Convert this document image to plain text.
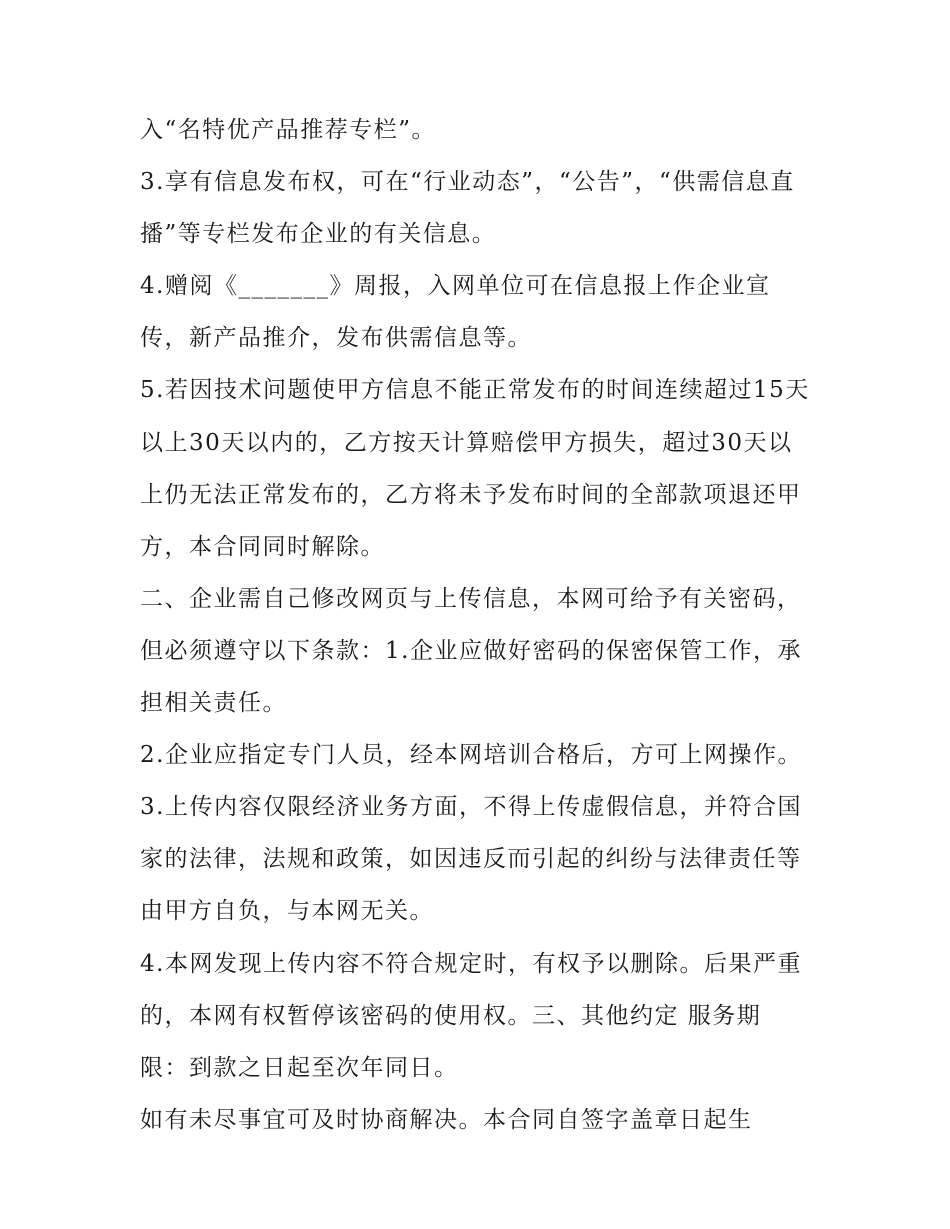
入“名特优产品推荐专栏”。
3.享有信息发布权，可在“行业动态”，“公告”，“供需信息直
播”等专栏发布企业的有关信息。
4.赠阅《_______》周报，入网单位可在信息报上作企业宣
传，新产品推介，发布供需信息等。
5.若因技术问题使甲方信息不能正常发布的时间连续超过15天
以上30天以内的，乙方按天计算赔偿甲方损失，超过30天以
上仍无法正常发布的，乙方将未予发布时间的全部款项退还甲
方，本合同同时解除。
二、企业需自己修改网页与上传信息，本网可给予有关密码，
但必须遵守以下条款：1.企业应做好密码的保密保管工作，承
担相关责任。
2.企业应指定专门人员，经本网培训合格后，方可上网操作。
3.上传内容仅限经济业务方面，不得上传虚假信息，并符合国
家的法律，法规和政策，如因违反而引起的纠纷与法律责任等
由甲方自负，与本网无关。
4.本网发现上传内容不符合规定时，有权予以删除。后果严重
的，本网有权暂停该密码的使用权。三、其他约定 服务期
限：到款之日起至次年同日。
如有未尽事宜可及时协商解决。本合同自签字盖章日起生
